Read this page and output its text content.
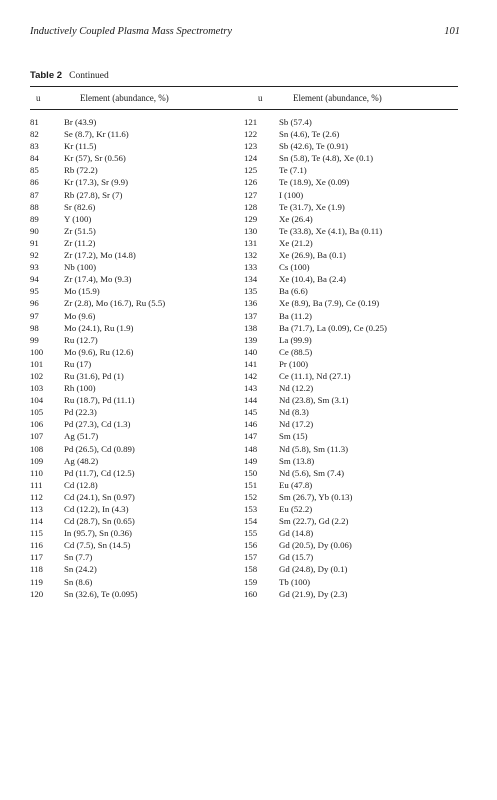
Inductively Coupled Plasma Mass Spectrometry	101
Table 2 Continued
u	Element (abundance, %)	u	Element (abundance, %)
81	Br (43.9)
82	Se (8.7), Kr (11.6)
83	Kr (11.5)
84	Kr (57), Sr (0.56)
85	Rb (72.2)
86	Kr (17.3), Sr (9.9)
87	Rb (27.8), Sr (7)
88	Sr (82.6)
89	Y (100)
90	Zr (51.5)
91	Zr (11.2)
92	Zr (17.2), Mo (14.8)
93	Nb (100)
94	Zr (17.4), Mo (9.3)
95	Mo (15.9)
96	Zr (2.8), Mo (16.7), Ru (5.5)
97	Mo (9.6)
98	Mo (24.1), Ru (1.9)
99	Ru (12.7)
100 Mo (9.6), Ru (12.6)
101 Ru (17)
102 Ru (31.6), Pd (1)
103 Rh (100)
104 Ru (18.7), Pd (11.1)
105 Pd (22.3)
106 Pd (27.3), Cd (1.3)
107 Ag (51.7)
108 Pd (26.5), Cd (0.89)
109 Ag (48.2)
110 Pd (11.7), Cd (12.5)
111 Cd (12.8)
112 Cd (24.1), Sn (0.97)
113 Cd (12.2), In (4.3)
114 Cd (28.7), Sn (0.65)
115 In (95.7), Sn (0.36)
116 Cd (7.5), Sn (14.5)
117 Sn (7.7)
118 Sn (24.2)
119 Sn (8.6)
120 Sn (32.6), Te (0.095)
121 Sb (57.4)
122 Sn (4.6), Te (2.6)
123 Sb (42.6), Te (0.91)
124 Sn (5.8), Te (4.8), Xe (0.1)
125 Te (7.1)
126 Te (18.9), Xe (0.09)
127 I (100)
128 Te (31.7), Xe (1.9)
129 Xe (26.4)
130 Te (33.8), Xe (4.1), Ba (0.11)
131 Xe (21.2)
132 Xe (26.9), Ba (0.1)
133 Cs (100)
134 Xe (10.4), Ba (2.4)
135 Ba (6.6)
136 Xe (8.9), Ba (7.9), Ce (0.19)
137 Ba (11.2)
138 Ba (71.7), La (0.09), Ce (0.25)
139 La (99.9)
140 Ce (88.5)
141 Pr (100)
142 Ce (11.1), Nd (27.1)
143 Nd (12.2)
144 Nd (23.8), Sm (3.1)
145 Nd (8.3)
146 Nd (17.2)
147 Sm (15)
148 Nd (5.8), Sm (11.3)
149 Sm (13.8)
150 Nd (5.6), Sm (7.4)
151 Eu (47.8)
152 Sm (26.7), Yb (0.13)
153 Eu (52.2)
154 Sm (22.7), Gd (2.2)
155 Gd (14.8)
156 Gd (20.5), Dy (0.06)
157 Gd (15.7)
158 Gd (24.8), Dy (0.1)
159 Tb (100)
160 Gd (21.9), Dy (2.3)
